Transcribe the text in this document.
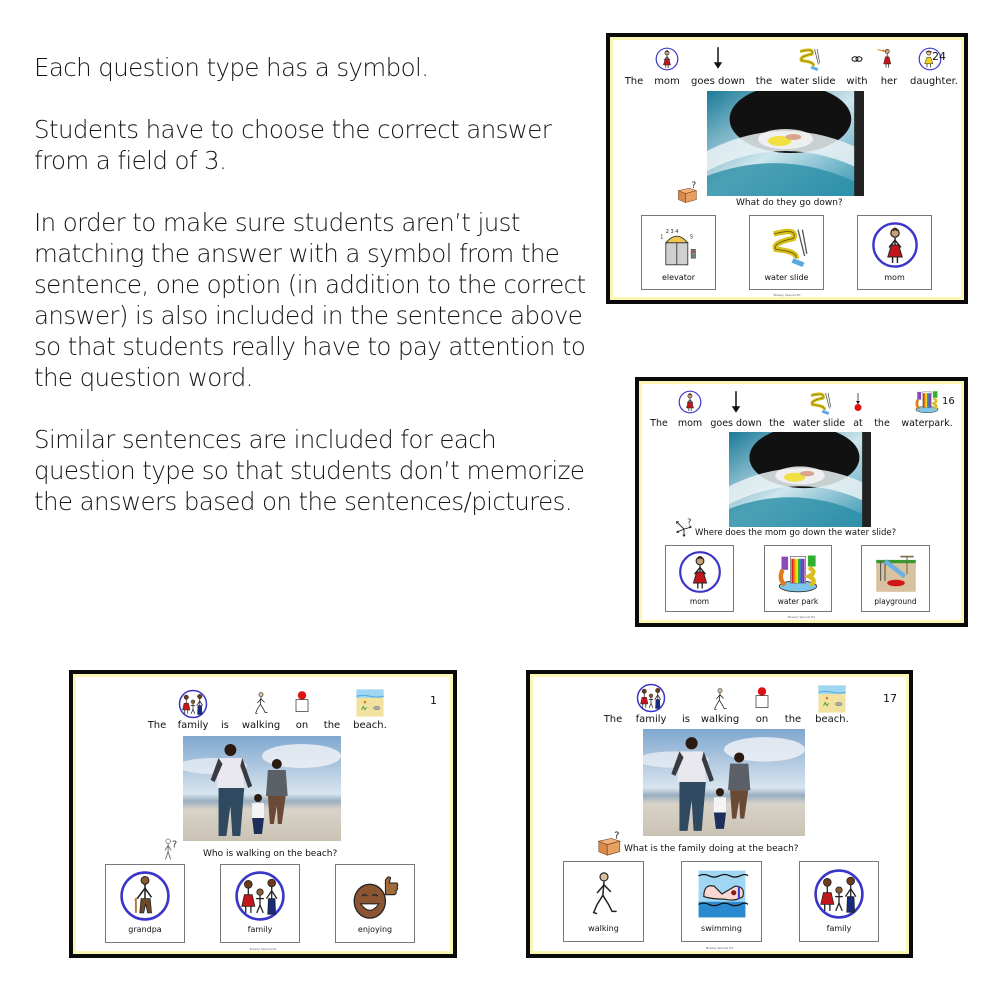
Each question type has a symbol.

Students have to choose the correct answer from a field of 3.

In order to make sure students aren’t just matching the answer with a symbol from the sentence, one option (in addition to the correct answer) is also included in the sentence above so that students really have to pay attention to the question word.

Similar sentences are included for each question type so that students don’t memorize the answers based on the sentences/pictures.

24
The mom goes down the water slide with her daughter.
What do they go down?
elevator	water slide	mom
Breezy Special Ed
16
The mom goes down the water slide at the waterpark.
Where does the mom go down the water slide?
mom	water park	playground
Breezy Special Ed
1
The family is walking on the beach.
Who is walking on the beach?
grandpa	family	enjoying
Breezy Special Ed
17
The family is walking on the beach.
What is the family doing at the beach?
walking	swimming	family
Breezy Special Ed
